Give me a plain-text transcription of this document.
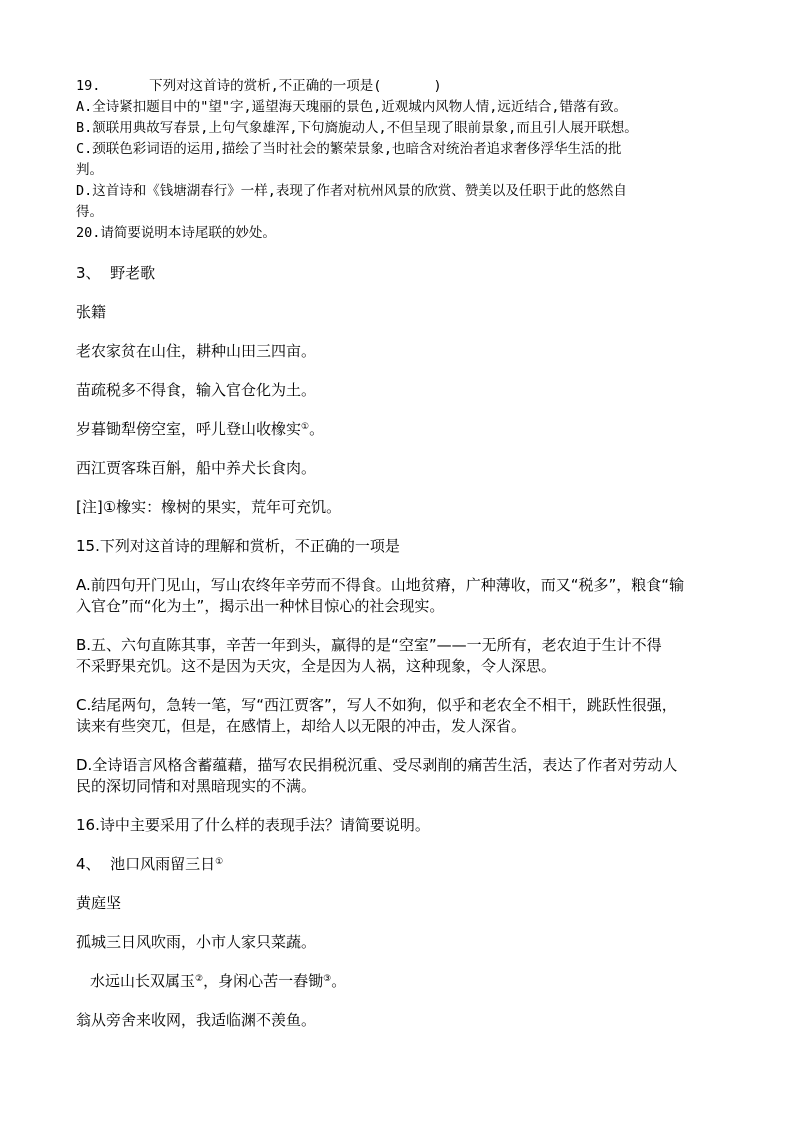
19.	下列对这首诗的赏析,不正确的一项是(	)
A.全诗紧扣题目中的"望"字,遥望海天瑰丽的景色,近观城内风物人情,远近结合,错落有致。
B.颔联用典故写春景,上句气象雄浑,下句旖旎动人,不但呈现了眼前景象,而且引人展开联想。
C.颈联色彩词语的运用,描绘了当时社会的繁荣景象,也暗含对统治者追求奢侈浮华生活的批
判。
D.这首诗和《钱塘湖春行》一样,表现了作者对杭州风景的欣赏、赞美以及任职于此的悠然自
得。
20.请简要说明本诗尾联的妙处。
3、 野老歌
张籍
老农家贫在山住，耕种山田三四亩。
苗疏税多不得食，输入官仓化为土。
岁暮锄犁傍空室，呼儿登山收橡实①。
西江贾客珠百斛，船中养犬长食肉。
[注]①橡实：橡树的果实，荒年可充饥。
15.下列对这首诗的理解和赏析，不正确的一项是
A.前四句开门见山，写山农终年辛劳而不得食。山地贫瘠，广种薄收，而又“税多”，粮食“输
入官仓”而“化为土”，揭示出一种怵目惊心的社会现实。
B.五、六句直陈其事，辛苦一年到头，赢得的是“空室”——一无所有，老农迫于生计不得
不采野果充饥。这不是因为天灾，全是因为人祸，这种现象，令人深思。
C.结尾两句，急转一笔，写“西江贾客”，写人不如狗，似乎和老农全不相干，跳跃性很强，
读来有些突兀，但是，在感情上，却给人以无限的冲击，发人深省。
D.全诗语言风格含蓄蕴藉，描写农民捐税沉重、受尽剥削的痛苦生活，表达了作者对劳动人
民的深切同情和对黑暗现实的不满。
16.诗中主要采用了什么样的表现手法？请简要说明。
4、 池口风雨留三日①
黄庭坚
孤城三日风吹雨，小市人家只菜蔬。
水远山长双属玉②，身闲心苦一舂锄③。
翁从旁舍来收网，我适临渊不羡鱼。
